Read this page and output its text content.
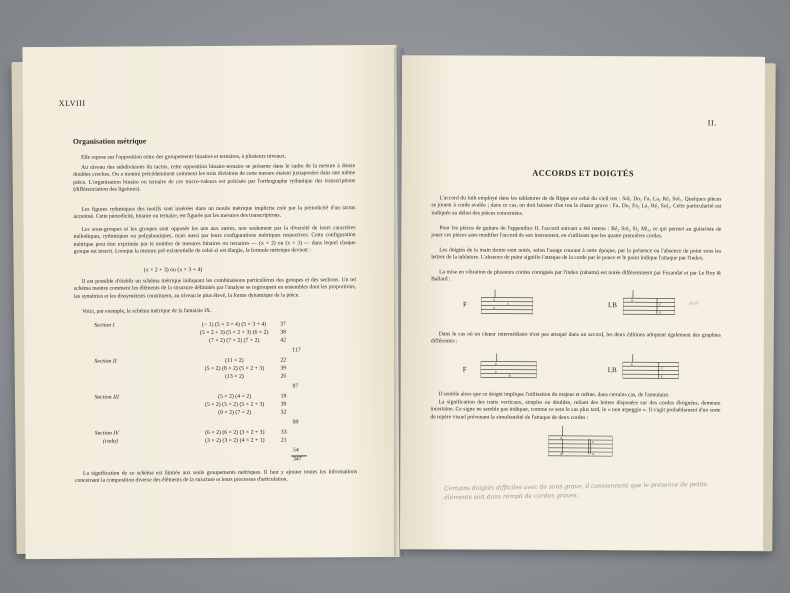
XLVIII
Organisation métrique

Elle repose sur l'opposition entre des groupements binaires et ternaires, à plusieurs niveaux.

Au niveau des subdivisions du tactus, cette opposition binaire-ternaire se présente dans le cadre de la mesure à douze doubles croches. On a montré précédemment comment les trois divisions de cette mesure étaient juxtaposées dans une même pièce. L'organisation binaire ou ternaire de ces micro-valeurs est précisée par l'orthographe rythmique des transcriptions (différenciation des ligatures).

Les figures rythmiques des motifs sont insérées dans un moule métrique implicite créé par la périodicité d'un tactus accentué. Cette périodicité, binaire ou ternaire, est figurée par les mesures des transcriptions.

Les sous-groupes et les groupes sont opposés les uns aux autres, non seulement par la diversité de leurs caractères mélodiques, rythmiques ou polyphoniques, mais aussi par leurs configurations métriques respectives. Cette configuration métrique peut être exprimée par le nombre de mesures binaires ou ternaires — (x × 2) ou (x × 3) — dans lequel chaque groupe est inscrit. Lorsque la mesure pré-existentielle de celui-ci est élargie, la formule métrique devient :

(x × 2 + 3) ou (x × 3 + 4)

Il est possible d'établir un schéma métrique indiquant les combinaisons particulières des groupes et des sections. Un tel schéma montre comment les éléments de la structure délimités par l'analyse se regroupent en ensembles dont les proportions, les symétries et les dissymétries constituent, au niveau le plus élevé, la forme dynamique de la pièce.

Voici, par exemple, le schéma métrique de la fantaisie IX.

Section I	(− 1) (5 × 3 + 4) (5 × 3 + 4)	37
(5 × 2 + 3) (5 × 2 + 3) (6 × 2)	38
(7 × 2) (7 × 2) (7 × 2)	42
117
Section II	(11 × 2)	22
(5 × 2) (8 × 2) (5 × 2 + 3)	39
(13 × 2)	26
87
Section III	(5 × 2) (4 × 2)	18
(5 × 2) (5 × 2) (5 × 2 + 3)	39
(9 × 2) (7 × 2)	32
89
Section IV	(6 × 2) (6 × 2) (3 × 2 + 3)	33
(coda)	(3 × 2) (3 × 2) (4 × 2 + 1)	21
54
347

La signification de ce schéma est limitée aux seuls groupements métriques. Il faut y ajouter toutes les informations concernant la composition diverse des éléments de la structure et leurs processus d'articulation.

II.
ACCORDS ET DOIGTÉS

L'accord du luth employé dans les tablatures de de Rippe est celui du vieil ton : Sol₁ Do₂ Fa₂ La₂ Ré₃ Sol₃. Quelques pièces se jouent à corde avalée ; dans ce cas, on doit baisser d'un ton le chœur grave : Fa₁ Do₂ Fa₂ La₂ Ré₃ Sol₃. Cette particularité est indiquée au début des pièces concernées.

Pour les pièces de guitare de l'appendice II, l'accord suivant a été retenu : Ré₂ Sol₂ Si₂ Mi₃, ce qui permet au guitariste de jouer ces pièces sans modifier l'accord de son instrument, en s'utilisant que les quatre premières cordes.

Les doigtés de la main droite sont notés, selon l'usage courant à cette époque, par la présence ou l'absence de point sous les lettres de la tablature. L'absence de point signifie l'attaque de la corde par le pouce et le point indique l'attaque par l'index.

La mise en vibration de plusieurs cordes contiguës par l'index (rabattu) est notée différemment par Fezandat et par Le Roy & Ballard :

F
a
a
c	LB
a
c
a
doit

Dans le cas où un chœur intermédiaire n'est pas attaqué dans un accord, les deux éditions adoptent également des graphies différentes :

F
a
a
b
LB
a
c
a

Il semble alors que ce doigté implique l'utilisation du majeur et même, dans certains cas, de l'annulaire.

La signification des traits verticaux, simples ou doubles, reliant des lettres disposées sur des cordes éloignées, demeure incertaine. Ce signe ne semble pas indiquer, comme ce sera le cas plus tard, le « non arpeggio ». Il s'agit probablement d'un sorte de repère visuel prévenant la simultanéité de l'attaque de deux cordes :

a
a
c
a
Certains doigtés difficiles avec de sons grave, il conviennent que le présence de petits éléments soit dans rempli de cordes graves.
